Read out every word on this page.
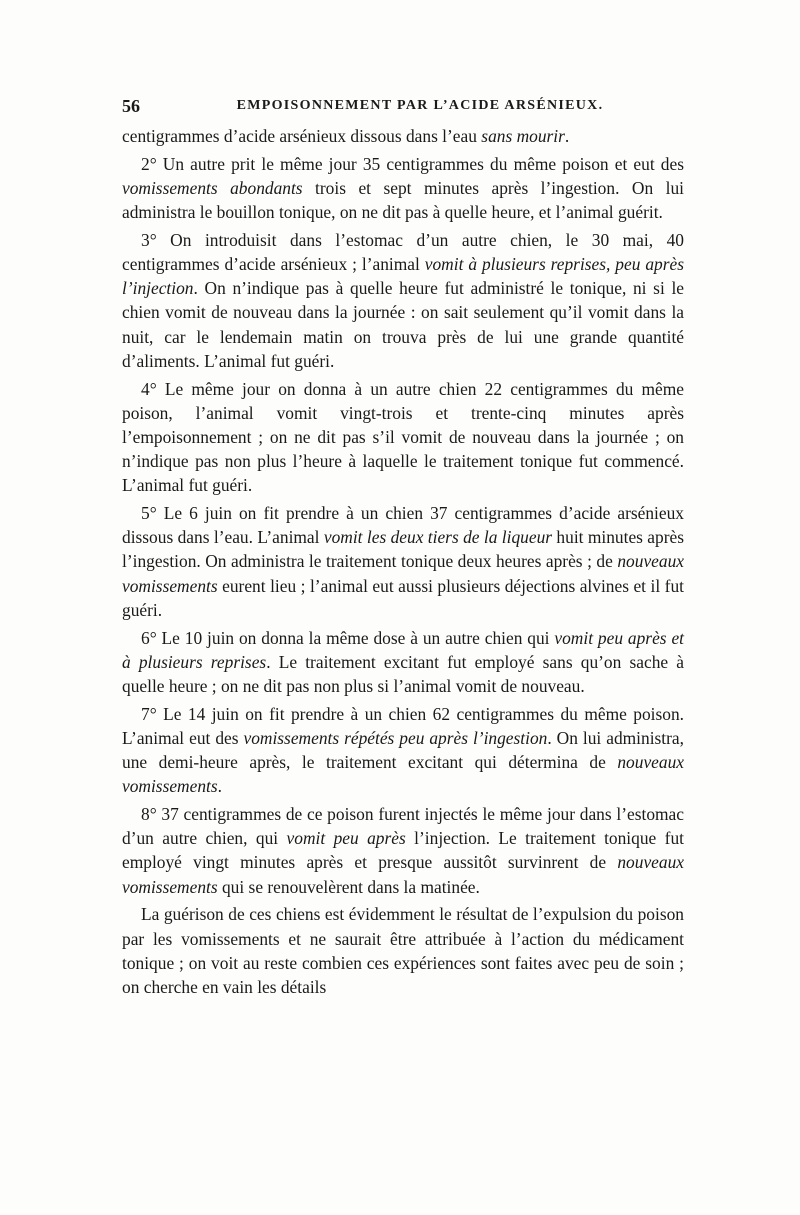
56	EMPOISONNEMENT PAR L’ACIDE ARSÉNIEUX.

centigrammes d’acide arsénieux dissous dans l’eau sans mourir.

2° Un autre prit le même jour 35 centigrammes du même poison et eut des vomissements abondants trois et sept minutes après l’ingestion. On lui administra le bouillon tonique, on ne dit pas à quelle heure, et l’animal guérit.

3° On introduisit dans l’estomac d’un autre chien, le 30 mai, 40 centigrammes d’acide arsénieux ; l’animal vomit à plusieurs reprises, peu après l’injection. On n’indique pas à quelle heure fut administré le tonique, ni si le chien vomit de nouveau dans la journée : on sait seulement qu’il vomit dans la nuit, car le lendemain matin on trouva près de lui une grande quantité d’aliments. L’animal fut guéri.

4° Le même jour on donna à un autre chien 22 centigrammes du même poison, l’animal vomit vingt-trois et trente-cinq minutes après l’empoisonnement ; on ne dit pas s’il vomit de nouveau dans la journée ; on n’indique pas non plus l’heure à laquelle le traitement tonique fut commencé. L’animal fut guéri.

5° Le 6 juin on fit prendre à un chien 37 centigrammes d’acide arsénieux dissous dans l’eau. L’animal vomit les deux tiers de la liqueur huit minutes après l’ingestion. On administra le traitement tonique deux heures après ; de nouveaux vomissements eurent lieu ; l’animal eut aussi plusieurs déjections alvines et il fut guéri.

6° Le 10 juin on donna la même dose à un autre chien qui vomit peu après et à plusieurs reprises. Le traitement excitant fut employé sans qu’on sache à quelle heure ; on ne dit pas non plus si l’animal vomit de nouveau.

7° Le 14 juin on fit prendre à un chien 62 centigrammes du même poison. L’animal eut des vomissements répétés peu après l’ingestion. On lui administra, une demi-heure après, le traitement excitant qui détermina de nouveaux vomissements.

8° 37 centigrammes de ce poison furent injectés le même jour dans l’estomac d’un autre chien, qui vomit peu après l’injection. Le traitement tonique fut employé vingt minutes après et presque aussitôt survinrent de nouveaux vomissements qui se renouvelèrent dans la matinée.

La guérison de ces chiens est évidemment le résultat de l’expulsion du poison par les vomissements et ne saurait être attribuée à l’action du médicament tonique ; on voit au reste combien ces expériences sont faites avec peu de soin ; on cherche en vain les détails
